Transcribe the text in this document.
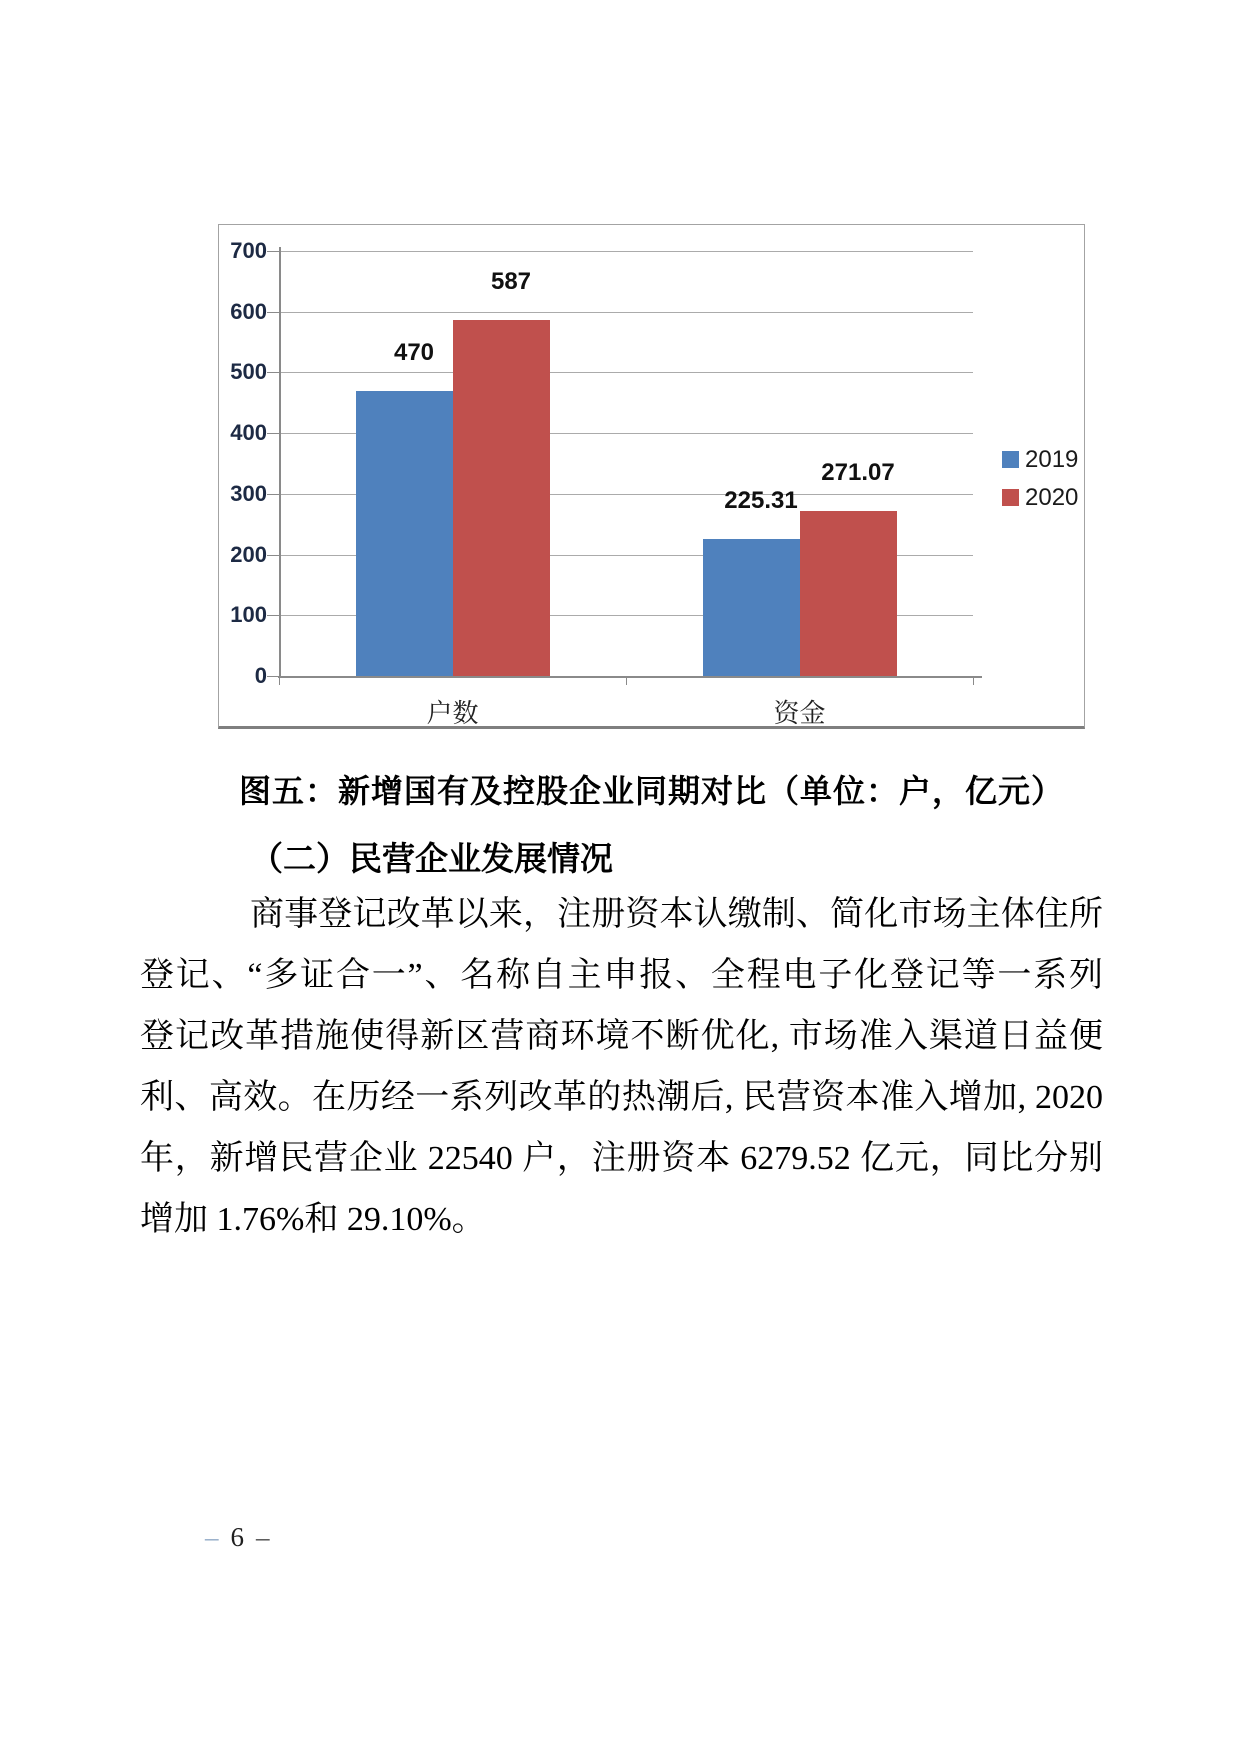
0
100
200
300
400
500
600
700
户数
470
587
资金
225.31
271.07	2019
2020
图五：新增国有及控股企业同期对比（单位：户，亿元）
（二）民营企业发展情况
商事登记改革以来，注册资本认缴制、简化市场主体住所
登记、“多证合一”、名称自主申报、全程电子化登记等一系列
登记改革措施使得新区营商环境不断优化, 市场准入渠道日益便
利、高效。在历经一系列改革的热潮后, 民营资本准入增加, 2020
年，新增民营企业 22540 户，注册资本 6279.52 亿元，同比分别
增加 1.76%和 29.10%。
– 6 –
